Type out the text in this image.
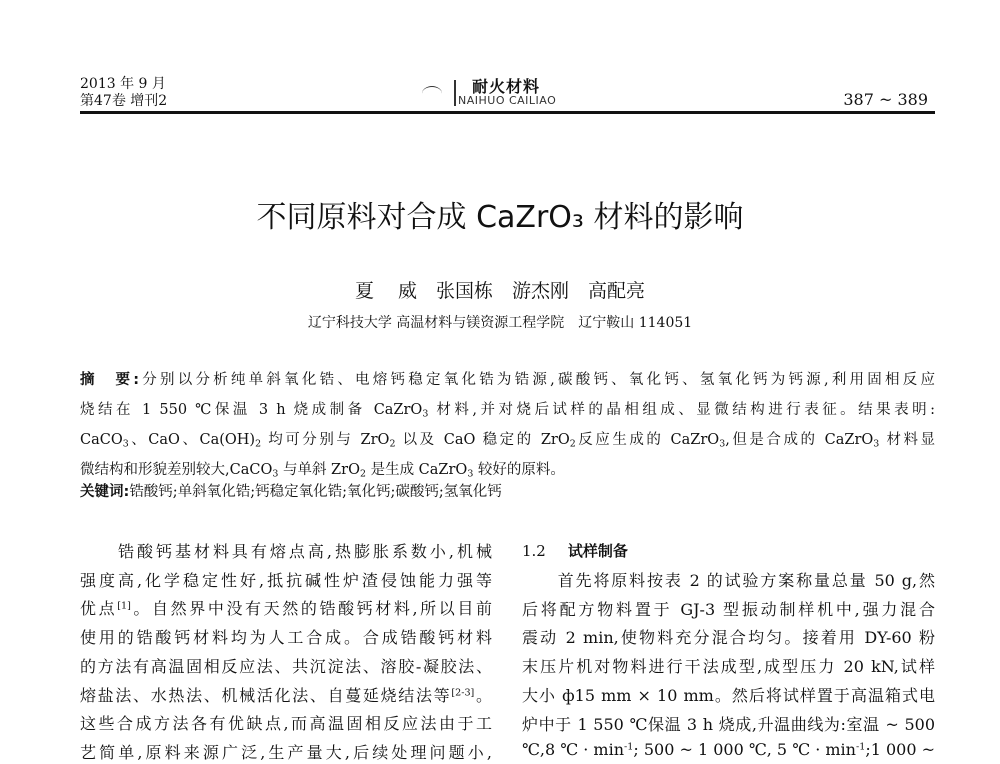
2013 年 9 月
第47卷 增刊2
耐火材料
NAIHUO CAILIAO	387 ~ 389
不同原料对合成 CaZrO₃ 材料的影响
夏 威　张国栋　游杰刚　高配亮
辽宁科技大学 高温材料与镁资源工程学院　辽宁鞍山 114051
摘　要:分别以分析纯单斜氧化锆、电熔钙稳定氧化锆为锆源,碳酸钙、氧化钙、氢氧化钙为钙源,利用固相反应
烧结在 1 550 ℃保温 3 h 烧成制备 CaZrO$_3$ 材料,并对烧后试样的晶相组成、显微结构进行表征。结果表明:
CaCO$_3$、CaO、$Ca(OH)_2$ 均可分别与 ZrO$_2$ 以及 CaO 稳定的 ZrO$_2$反应生成的 CaZrO$_3$,但是合成的 CaZrO$_3$ 材料显
微结构和形貌差别较大,CaCO$_3$ 与单斜 ZrO$_2$ 是生成 CaZrO$_3$ 较好的原料。
关键词:锆酸钙;单斜氧化锆;钙稳定氧化锆;氧化钙;碳酸钙;氢氧化钙
　　锆酸钙基材料具有熔点高,热膨胀系数小,机械
强度高,化学稳定性好,抵抗碱性炉渣侵蚀能力强等
优点[1]。自然界中没有天然的锆酸钙材料,所以目前
使用的锆酸钙材料均为人工合成。合成锆酸钙材料
的方法有高温固相反应法、共沉淀法、溶胶-凝胶法、
熔盐法、水热法、机械活化法、自蔓延烧结法等[2-3]。
这些合成方法各有优缺点,而高温固相反应法由于工
艺简单,原料来源广泛,生产量大,后续处理问题小,
1.2 试样制备
　　首先将原料按表 2 的试验方案称量总量 50 g,然
后将配方物料置于 GJ-3 型振动制样机中,强力混合
震动 2 min,使物料充分混合均匀。接着用 DY-60 粉
末压片机对物料进行干法成型,成型压力 20 kN,试样
大小 ф15 mm × 10 mm。然后将试样置于高温箱式电
炉中于 1 550 ℃保温 3 h 烧成,升温曲线为:室温 ~ 500
℃,8 ℃ · $\min^{-1}$; 500 ~ 1 000 ℃, 5 ℃ · $\min^{-1};1$ 000 ~
